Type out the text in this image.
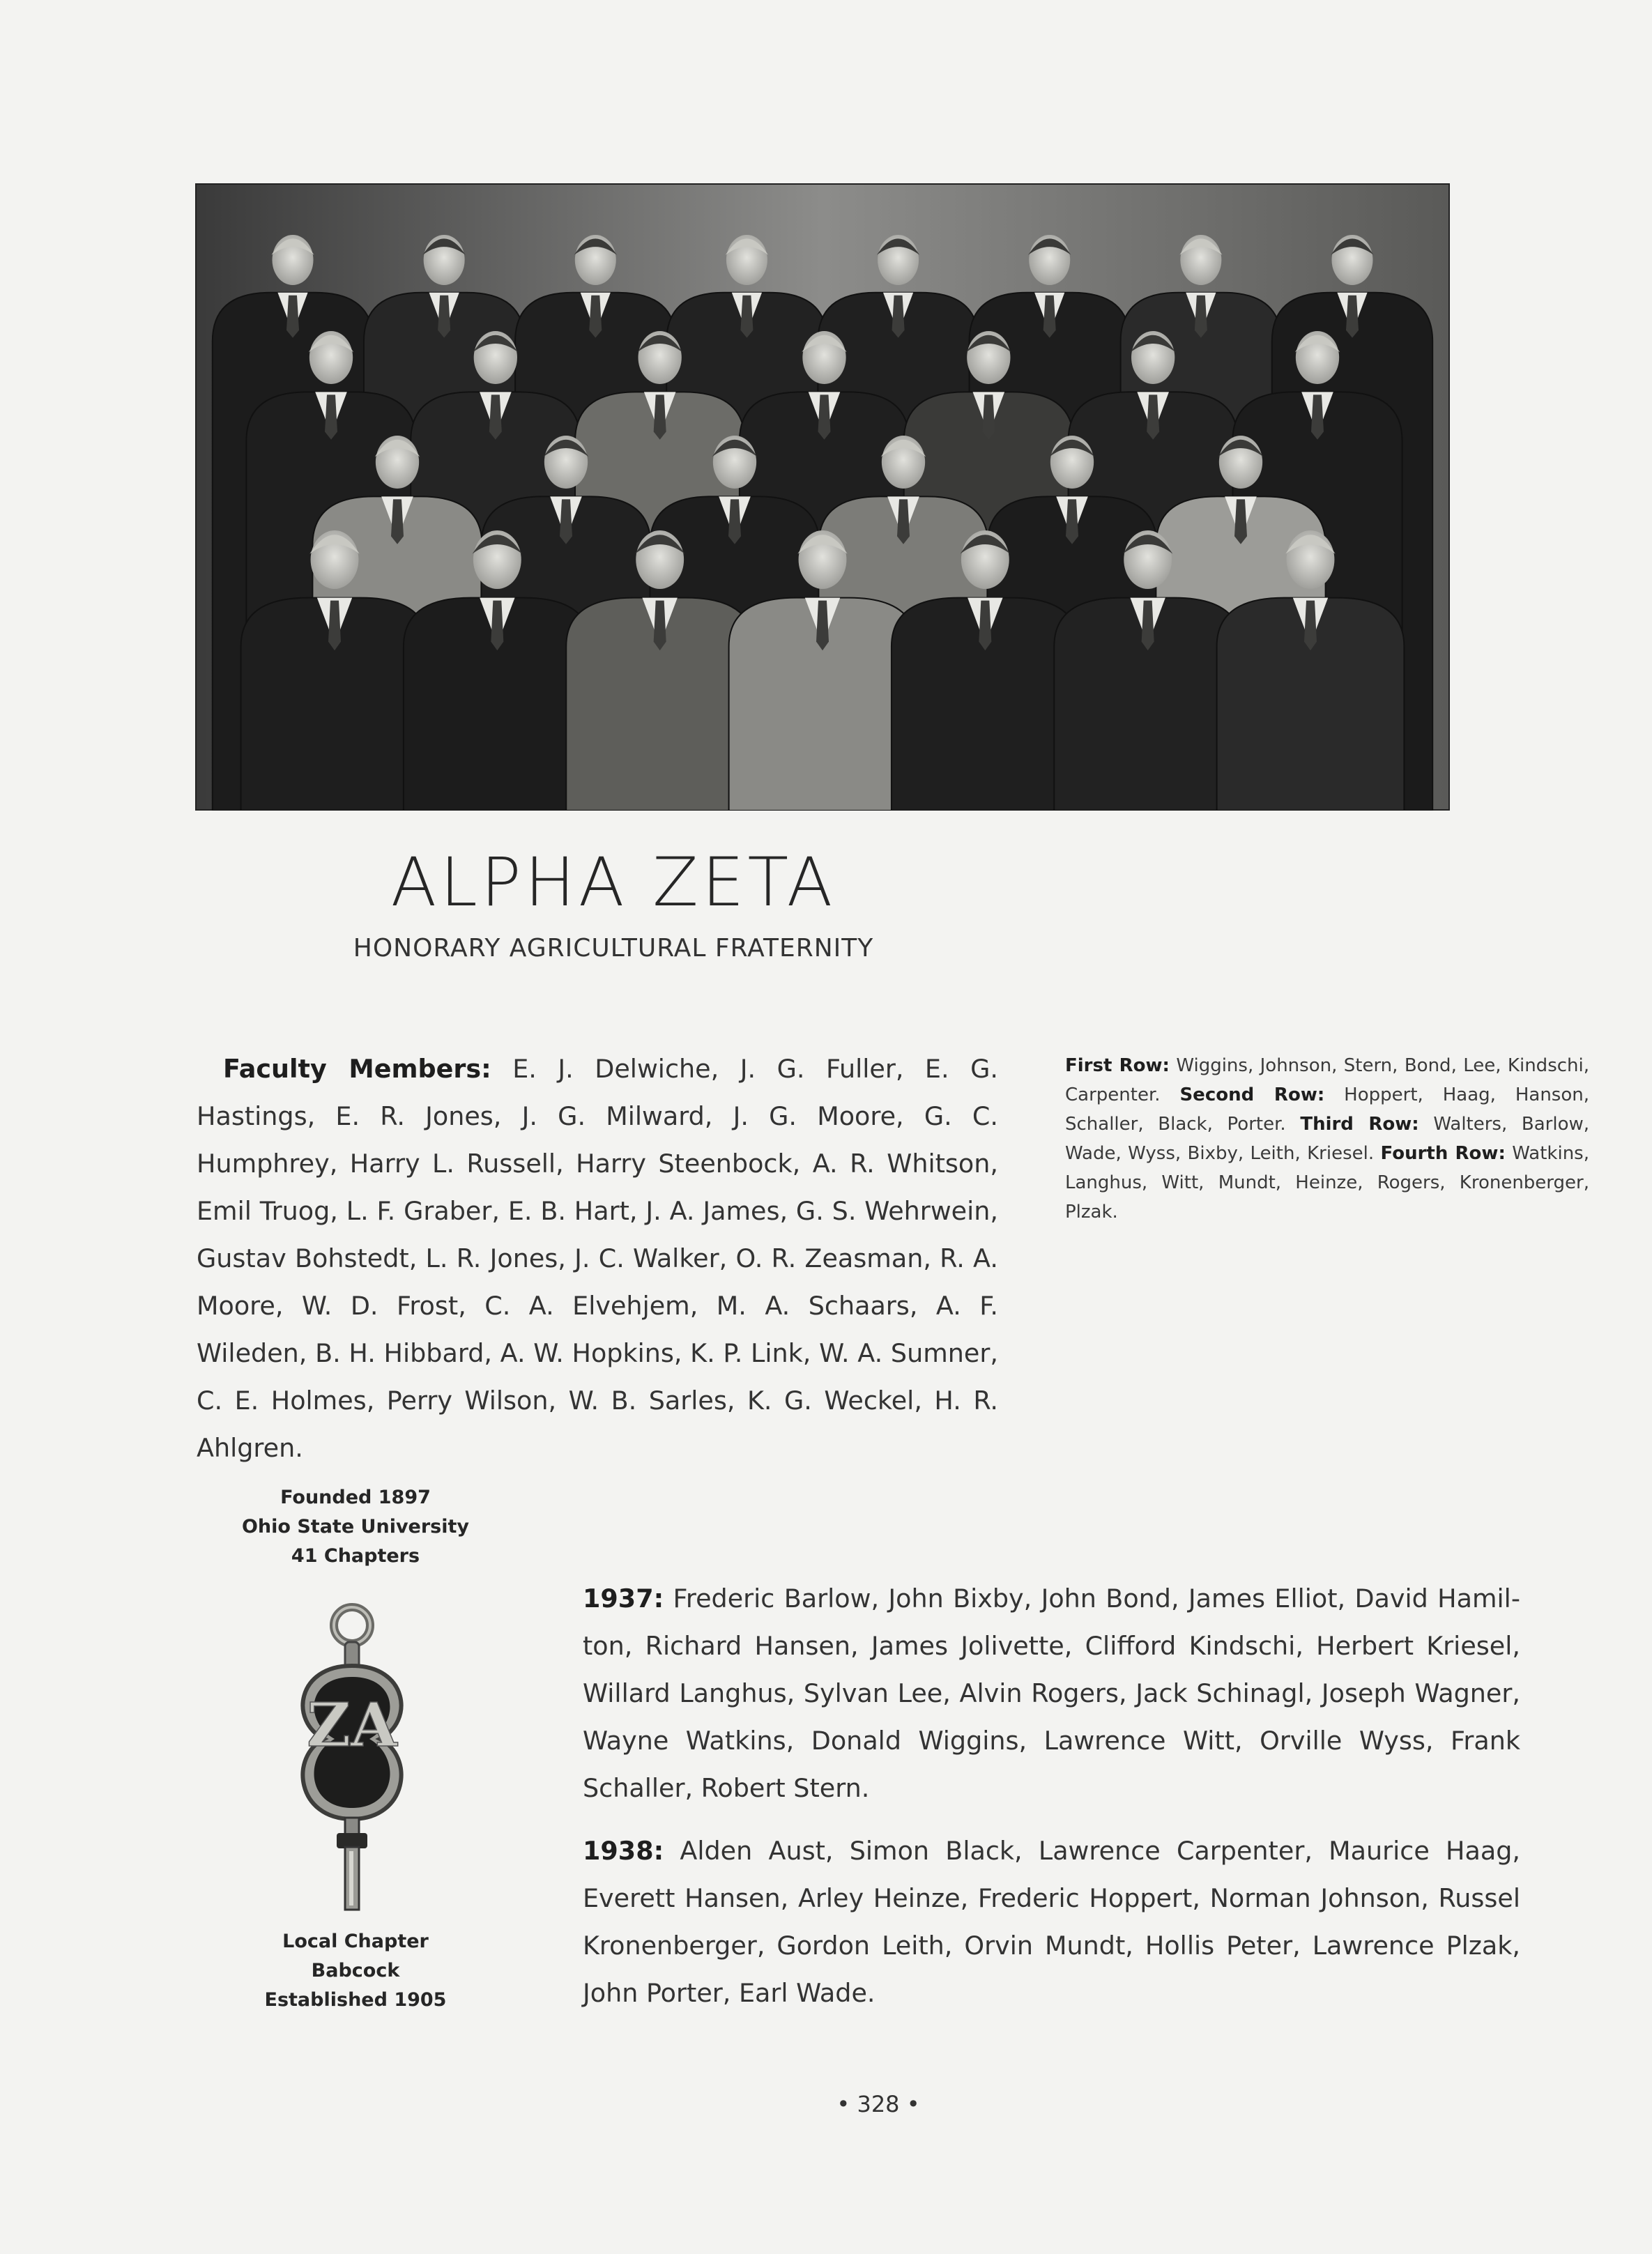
ALPHA ZETA
HONORARY AGRICULTURAL FRATERNITY
Faculty Members: E. J. Delwiche, J. G. Fuller, E. G. Hastings, E. R. Jones, J. G. Milward, J. G. Moore, G. C. Humphrey, Harry L. Russell, Harry Steenbock, A. R. Whitson, Emil Truog, L. F. Graber, E. B. Hart, J. A. James, G. S. Wehrwein, Gustav Bohstedt, L. R. Jones, J. C. Walker, O. R. Zeasman, R. A. Moore, W. D. Frost, C. A. Elvehjem, M. A. Schaars, A. F. Wileden, B. H. Hibbard, A. W. Hopkins, K. P. Link, W. A. Sumner, C. E. Holmes, Perry Wilson, W. B. Sarles, K. G. Weckel, H. R. Ahlgren.
First Row: Wiggins, Johnson, Stern, Bond, Lee, Kindschi, Carpenter. Second Row: Hoppert, Haag, Hanson, Schaller, Black, Porter. Third Row: Walters, Barlow, Wade, Wyss, Bixby, Leith, Kriesel. Fourth Row: Watkins, Langhus, Witt, Mundt, Heinze, Rogers, Kronenberger, Plzak.
Founded 1897
Ohio State University
41 Chapters
ZA
Local Chapter
Babcock
Established 1905
1937: Frederic Barlow, John Bixby, John Bond, James Elliot, David Hamilton, Richard Hansen, James Jolivette, Clifford Kindschi, Herbert Kriesel, Willard Langhus, Sylvan Lee, Alvin Rogers, Jack Schinagl, Joseph Wagner, Wayne Watkins, Donald Wiggins, Lawrence Witt, Orville Wyss, Frank Schaller, Robert Stern.
1938: Alden Aust, Simon Black, Lawrence Carpenter, Maurice Haag, Everett Hansen, Arley Heinze, Frederic Hoppert, Norman Johnson, Russel Kronenberger, Gordon Leith, Orvin Mundt, Hollis Peter, Lawrence Plzak, John Porter, Earl Wade.
• 328 •
